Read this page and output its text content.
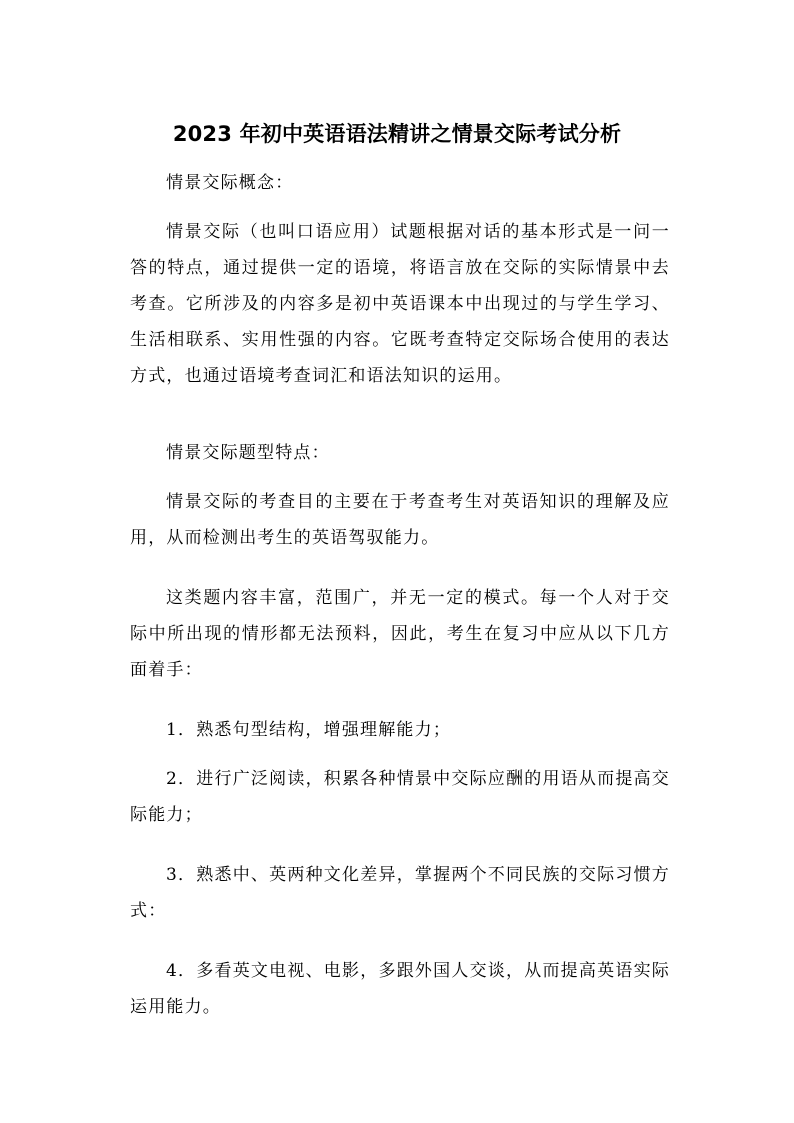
2023 年初中英语语法精讲之情景交际考试分析

情景交际概念：

情景交际（也叫口语应用）试题根据对话的基本形式是一问一答的特点，通过提供一定的语境，将语言放在交际的实际情景中去考查。它所涉及的内容多是初中英语课本中出现过的与学生学习、生活相联系、实用性强的内容。它既考查特定交际场合使用的表达方式，也通过语境考查词汇和语法知识的运用。

情景交际题型特点：

情景交际的考查目的主要在于考查考生对英语知识的理解及应用，从而检测出考生的英语驾驭能力。

这类题内容丰富，范围广，并无一定的模式。每一个人对于交际中所出现的情形都无法预料，因此，考生在复习中应从以下几方面着手：

1．熟悉句型结构，增强理解能力；

2．进行广泛阅读，积累各种情景中交际应酬的用语从而提高交际能力；

3．熟悉中、英两种文化差异，掌握两个不同民族的交际习惯方式：

4．多看英文电视、电影，多跟外国人交谈，从而提高英语实际运用能力。
